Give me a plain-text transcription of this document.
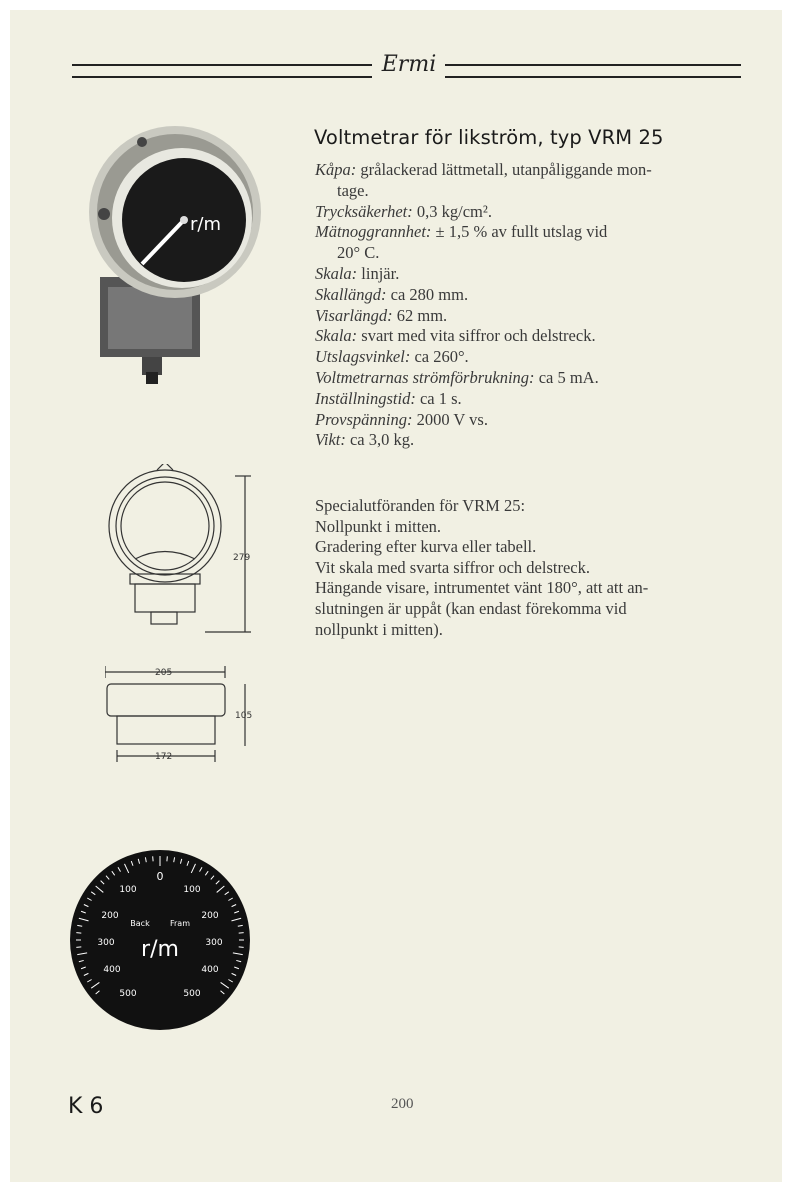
Ermi
Voltmetrar för likström, typ VRM 25
Kåpa: grålackerad lättmetall, utanpåliggande mon-
tage.
Trycksäkerhet: 0,3 kg/cm².
Mätnoggrannhet: ± 1,5 % av fullt utslag vid
20° C.
Skala: linjär.
Skallängd: ca 280 mm.
Visarlängd: 62 mm.
Skala: svart med vita siffror och delstreck.
Utslagsvinkel: ca 260°.
Voltmetrarnas strömförbrukning: ca 5 mA.
Inställningstid: ca 1 s.
Provspänning: 2000 V vs.
Vikt: ca 3,0 kg.
Specialutföranden för VRM 25:
Nollpunkt i mitten.
Gradering efter kurva eller tabell.
Vit skala med svarta siffror och delstreck.
Hängande visare, intrumentet vänt 180°, att att an-
slutningen är uppåt (kan endast förekomma vid
nollpunkt i mitten).
r/m
279
205
105
172
0
100
200
300
400
500
100
200
300
400
500
Back	Fram
r/m
K 6	200
